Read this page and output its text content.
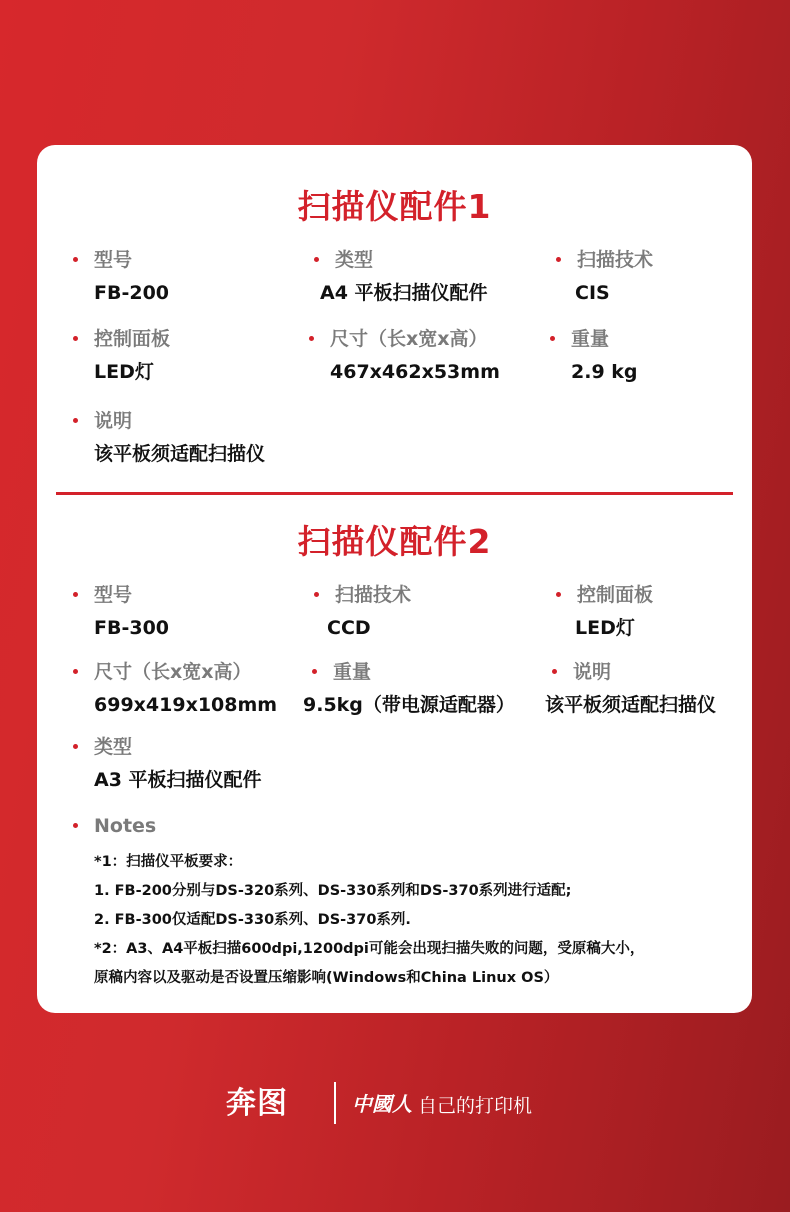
扫描仪配件1
型号
FB-200
类型
A4 平板扫描仪配件
扫描技术
CIS
控制面板
LED灯
尺寸（长x宽x高）
467x462x53mm
重量
2.9 kg
说明
该平板须适配扫描仪
扫描仪配件2
型号
FB-300
扫描技术
CCD
控制面板
LED灯
尺寸（长x宽x高）
699x419x108mm
重量
9.5kg（带电源适配器）
说明
该平板须适配扫描仪
类型
A3 平板扫描仪配件
Notes
*1：扫描仪平板要求：
1. FB-200分别与DS-320系列、DS-330系列和DS-370系列进行适配;
2. FB-300仅适配DS-330系列、DS-370系列.
*2：A3、A4平板扫描600dpi,1200dpi可能会出现扫描失败的问题，受原稿大小，
原稿内容以及驱动是否设置压缩影响(Windows和China Linux OS）
奔图	中國人 自己的打印机
